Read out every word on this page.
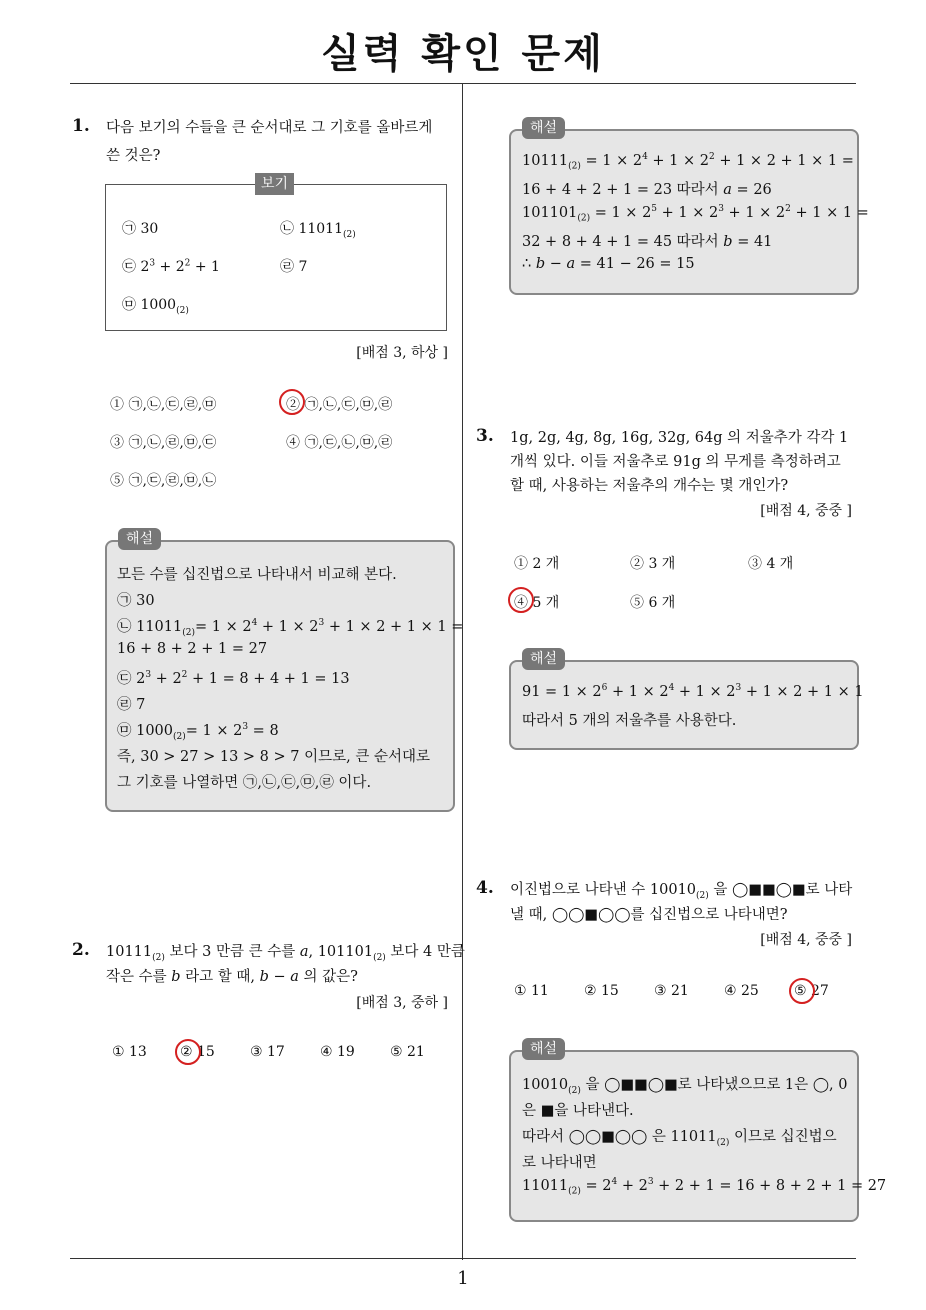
실력 확인 문제
1
1. 다음 보기의 수들을 큰 순서대로 그 기호를 올바르게
쓴 것은?
보기
㉠ 30	㉡ $11011_{(2)}$
㉢ $2^3 + 2^2 + 1$	㉣ 7
㉤ $1000_{(2)}$
[배점 3, 하상 ]
① ㉠,㉡,㉢,㉣,㉤	② ㉠,㉡,㉢,㉤,㉣
③ ㉠,㉡,㉣,㉤,㉢	④ ㉠,㉢,㉡,㉤,㉣
⑤ ㉠,㉢,㉣,㉤,㉡
해설
모든 수를 십진법으로 나타내서 비교해 본다.
㉠ 30
㉡ $11011_{(2)}= 1 \times 2^4 + 1 \times 2^3 + 1 \times 2 + 1 \times 1$ =
16 + 8 + 2 + 1 = 27
㉢ $2^3 + 2^2 + 1 = 8 + 4 + 1 = 13$
㉣ 7
㉤ $1000_{(2)}= 1 \times 2^3 = 8$
즉, 30 > 27 > 13 > 8 > 7 이므로, 큰 순서대로
그 기호를 나열하면 ㉠,㉡,㉢,㉤,㉣ 이다.
2. $10111_{(2)}$ 보다 3 만큼 큰 수를 a, $101101_{(2)}$ 보다 4 만큼
작은 수를 b 라고 할 때, b − a 의 값은?
[배점 3, 중하 ]
① 13 ② 15	③ 17	④ 19	⑤ 21
해설
$10111_{(2)} = 1 \times 2^4 + 1 \times 2^2 + 1 \times 2 + 1 \times 1$ =
16 + 4 + 2 + 1 = 23 따라서 a = 26
$101101_{(2)} = 1 \times 2^5 + 1 \times 2^3 + 1 \times 2^2 + 1 \times 1$ =
32 + 8 + 4 + 1 = 45 따라서 b = 41
∴ b − a = 41 − 26 = 15
3. 1g, 2g, 4g, 8g, 16g, 32g, 64g 의 저울추가 각각 1
개씩 있다. 이들 저울추로 91g 의 무게를 측정하려고
할 때, 사용하는 저울추의 개수는 몇 개인가?
[배점 4, 중중 ]
① 2 개	② 3 개	③ 4 개
④ 5 개	⑤ 6 개
해설
$91 = 1 \times 2^6 + 1 \times 2^4 + 1 \times 2^3 + 1 \times 2 + 1 \times 1$
따라서 5 개의 저울추를 사용한다.
4. 이진법으로 나타낸 수 $10010_{(2)}$ 을 ◯■■◯■로 나타
낼 때, ◯◯■◯◯를 십진법으로 나타내면?
[배점 4, 중중 ]
① 11	② 15	③ 21	④ 25	⑤ 27
해설
$10010_{(2)}$ 을 ◯■■◯■로 나타냈으므로 1은 ◯, 0
은 ■을 나타낸다.
따라서 ◯◯■◯◯ 은 $11011_{(2)}$ 이므로 십진법으
로 나타내면
$11011_{(2)} = 2^4 + 2^3 + 2 + 1 = 16 + 8 + 2 + 1 = 27$
